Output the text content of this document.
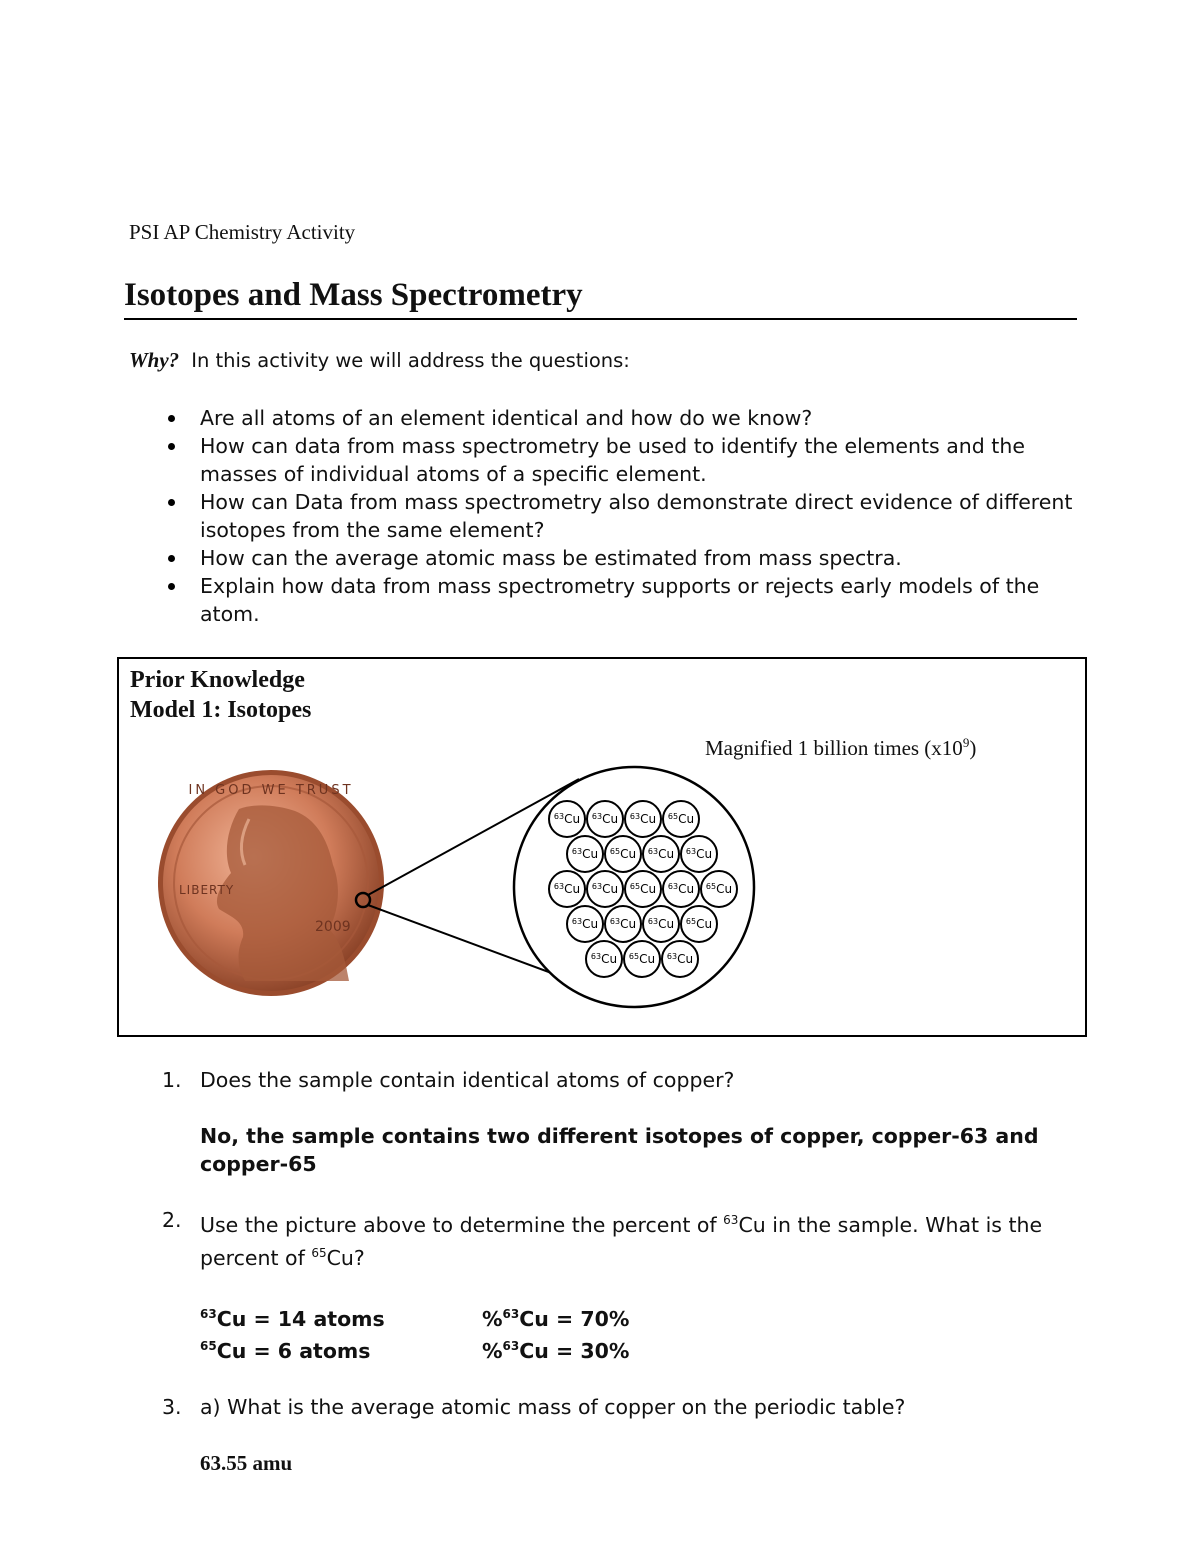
PSI AP Chemistry Activity
Isotopes and Mass Spectrometry
Why? In this activity we will address the questions:
Are all atoms of an element identical and how do we know?
How can data from mass spectrometry be used to identify the elements and the masses of individual atoms of a specific element.
How can Data from mass spectrometry also demonstrate direct evidence of different isotopes from the same element?
How can the average atomic mass be estimated from mass spectra.
Explain how data from mass spectrometry supports or rejects early models of the atom.
Prior Knowledge
Model 1: Isotopes
Magnified 1 billion times $(x10^9)$
IN GOD WE TRUST
LIBERTY
2009
$^{63}$Cu $^{63}$Cu $^{63}$Cu $^{65}$Cu
$^{63}$Cu $^{65}$Cu $^{63}$Cu $^{63}$Cu
$^{63}$Cu $^{63}$Cu $^{65}$Cu $^{63}$Cu $^{65}$Cu
$^{63}$Cu $^{63}$Cu $^{63}$Cu $^{65}$Cu
$^{63}$Cu $^{65}$Cu $^{63}$Cu
1. Does the sample contain identical atoms of copper?
No, the sample contains two different isotopes of copper, copper-63 and copper-65
2. Use the picture above to determine the percent of $^{63}$Cu in the sample. What is the percent of $^{65}$Cu?
$^{63}$Cu = 14 atoms	%$^{63}$Cu = 70%
$^{65}$Cu = 6 atoms	%$^{63}$Cu = 30%
3. a) What is the average atomic mass of copper on the periodic table?
63.55 amu
